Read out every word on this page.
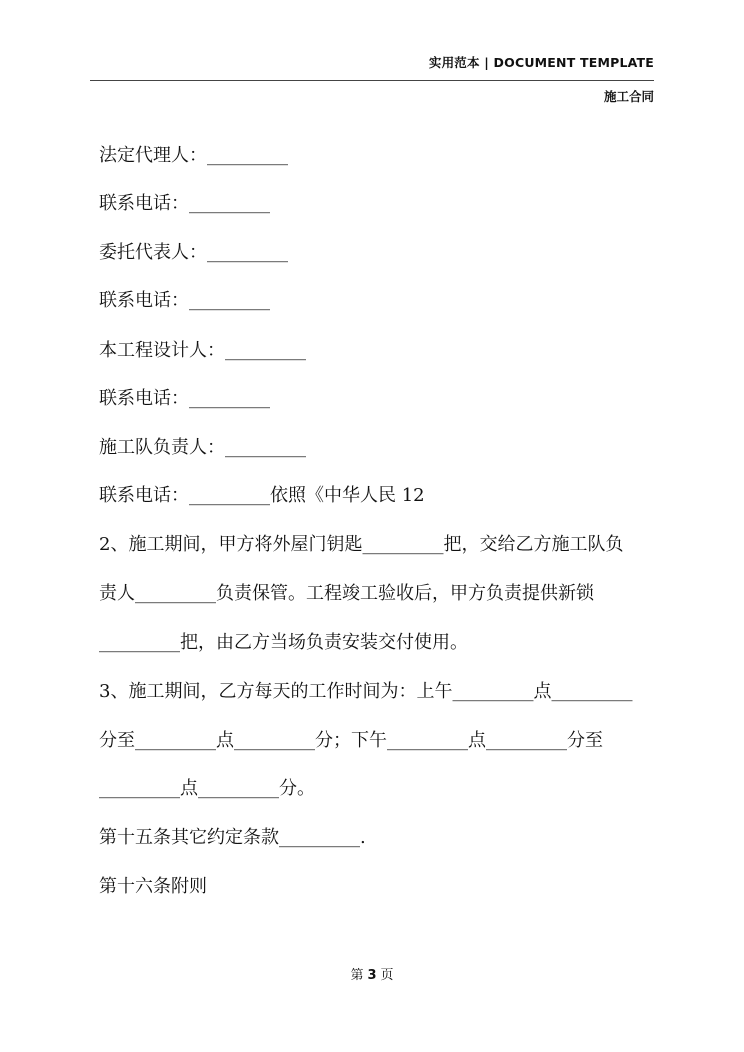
实用范本 | DOCUMENT TEMPLATE
施工合同
法定代理人：_________
联系电话：_________
委托代表人：_________
联系电话：_________
本工程设计人：_________
联系电话：_________
施工队负责人：_________
联系电话：_________依照《中华人民 12
2、施工期间，甲方将外屋门钥匙_________把，交给乙方施工队负
责人_________负责保管。工程竣工验收后，甲方负责提供新锁
_________把，由乙方当场负责安装交付使用。
3、施工期间，乙方每天的工作时间为：上午_________点_________
分至_________点_________分；下午_________点_________分至
_________点_________分。
第十五条其它约定条款_________.
第十六条附则
第 3 页
